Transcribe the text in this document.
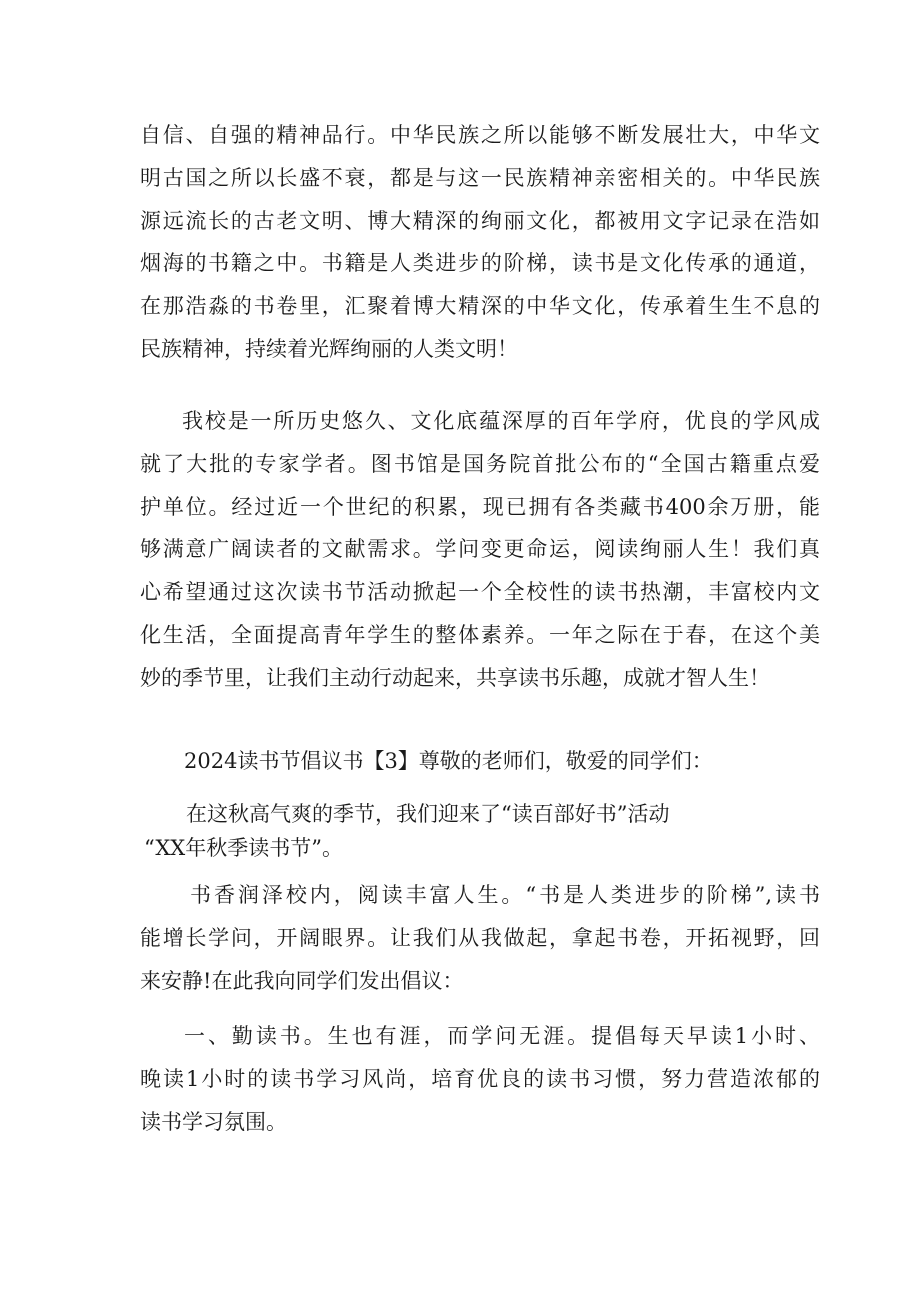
自信、自强的精神品行。中华民族之所以能够不断发展壮大，中华文
明古国之所以长盛不衰，都是与这一民族精神亲密相关的。中华民族
源远流长的古老文明、博大精深的绚丽文化，都被用文字记录在浩如
烟海的书籍之中。书籍是人类进步的阶梯，读书是文化传承的通道，
在那浩淼的书卷里，汇聚着博大精深的中华文化，传承着生生不息的
民族精神，持续着光辉绚丽的人类文明！
我校是一所历史悠久、文化底蕴深厚的百年学府，优良的学风成
就了大批的专家学者。图书馆是国务院首批公布的“全国古籍重点爱
护单位。经过近一个世纪的积累，现已拥有各类藏书400余万册，能
够满意广阔读者的文献需求。学问变更命运，阅读绚丽人生！我们真
心希望通过这次读书节活动掀起一个全校性的读书热潮，丰富校内文
化生活，全面提高青年学生的整体素养。一年之际在于春，在这个美
妙的季节里，让我们主动行动起来，共享读书乐趣，成就才智人生！
2024读书节倡议书【3】尊敬的老师们，敬爱的同学们：
在这秋高气爽的季节，我们迎来了“读百部好书”活动
“XX年秋季读书节”。
书香润泽校内，阅读丰富人生。“书是人类进步的阶梯”,读书
能增长学问，开阔眼界。让我们从我做起，拿起书卷，开拓视野，回
来安静!在此我向同学们发出倡议：
一、勤读书。生也有涯，而学问无涯。提倡每天早读1小时、
晚读1小时的读书学习风尚，培育优良的读书习惯，努力营造浓郁的
读书学习氛围。
